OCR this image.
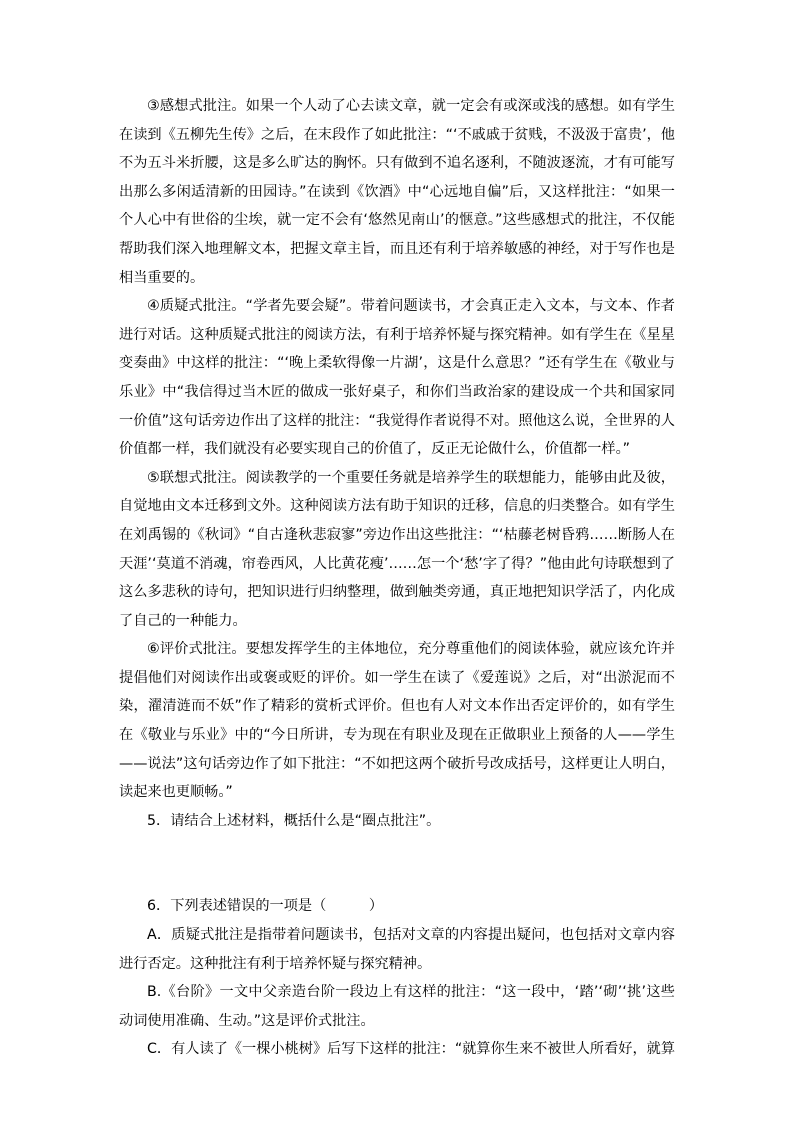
③感想式批注。如果一个人动了心去读文章，就一定会有或深或浅的感想。如有学生在读到《五柳先生传》之后，在末段作了如此批注：“‘不戚戚于贫贱，不汲汲于富贵’，他不为五斗米折腰，这是多么旷达的胸怀。只有做到不追名逐利，不随波逐流，才有可能写出那么多闲适清新的田园诗。”在读到《饮酒》中“心远地自偏”后，又这样批注：“如果一个人心中有世俗的尘埃，就一定不会有‘悠然见南山’的惬意。”这些感想式的批注，不仅能帮助我们深入地理解文本，把握文章主旨，而且还有利于培养敏感的神经，对于写作也是相当重要的。

④质疑式批注。“学者先要会疑”。带着问题读书，才会真正走入文本，与文本、作者进行对话。这种质疑式批注的阅读方法，有利于培养怀疑与探究精神。如有学生在《星星变奏曲》中这样的批注：“‘晚上柔软得像一片湖’，这是什么意思？”还有学生在《敬业与乐业》中“我信得过当木匠的做成一张好桌子，和你们当政治家的建设成一个共和国家同一价值”这句话旁边作出了这样的批注：“我觉得作者说得不对。照他这么说，全世界的人价值都一样，我们就没有必要实现自己的价值了，反正无论做什么，价值都一样。”

⑤联想式批注。阅读教学的一个重要任务就是培养学生的联想能力，能够由此及彼，自觉地由文本迁移到文外。这种阅读方法有助于知识的迁移，信息的归类整合。如有学生在刘禹锡的《秋词》“自古逢秋悲寂寥”旁边作出这些批注：“‘枯藤老树昏鸦……断肠人在天涯’‘莫道不消魂，帘卷西风，人比黄花瘦’……怎一个‘愁’字了得？”他由此句诗联想到了这么多悲秋的诗句，把知识进行归纳整理，做到触类旁通，真正地把知识学活了，内化成了自己的一种能力。

⑥评价式批注。要想发挥学生的主体地位，充分尊重他们的阅读体验，就应该允许并提倡他们对阅读作出或褒或贬的评价。如一学生在读了《爱莲说》之后，对“出淤泥而不染，濯清涟而不妖”作了精彩的赏析式评价。但也有人对文本作出否定评价的，如有学生在《敬业与乐业》中的“今日所讲，专为现在有职业及现在正做职业上预备的人——学生——说法”这句话旁边作了如下批注：“不如把这两个破折号改成括号，这样更让人明白，读起来也更顺畅。”

5．请结合上述材料，概括什么是“圈点批注”。

6．下列表述错误的一项是（　　　）

A．质疑式批注是指带着问题读书，包括对文章的内容提出疑问，也包括对文章内容进行否定。这种批注有利于培养怀疑与探究精神。

B.《台阶》一文中父亲造台阶一段边上有这样的批注：“这一段中，‘踏’‘砌’‘挑’这些动词使用准确、生动。”这是评价式批注。

C．有人读了《一棵小桃树》后写下这样的批注：“就算你生来不被世人所看好，就算
